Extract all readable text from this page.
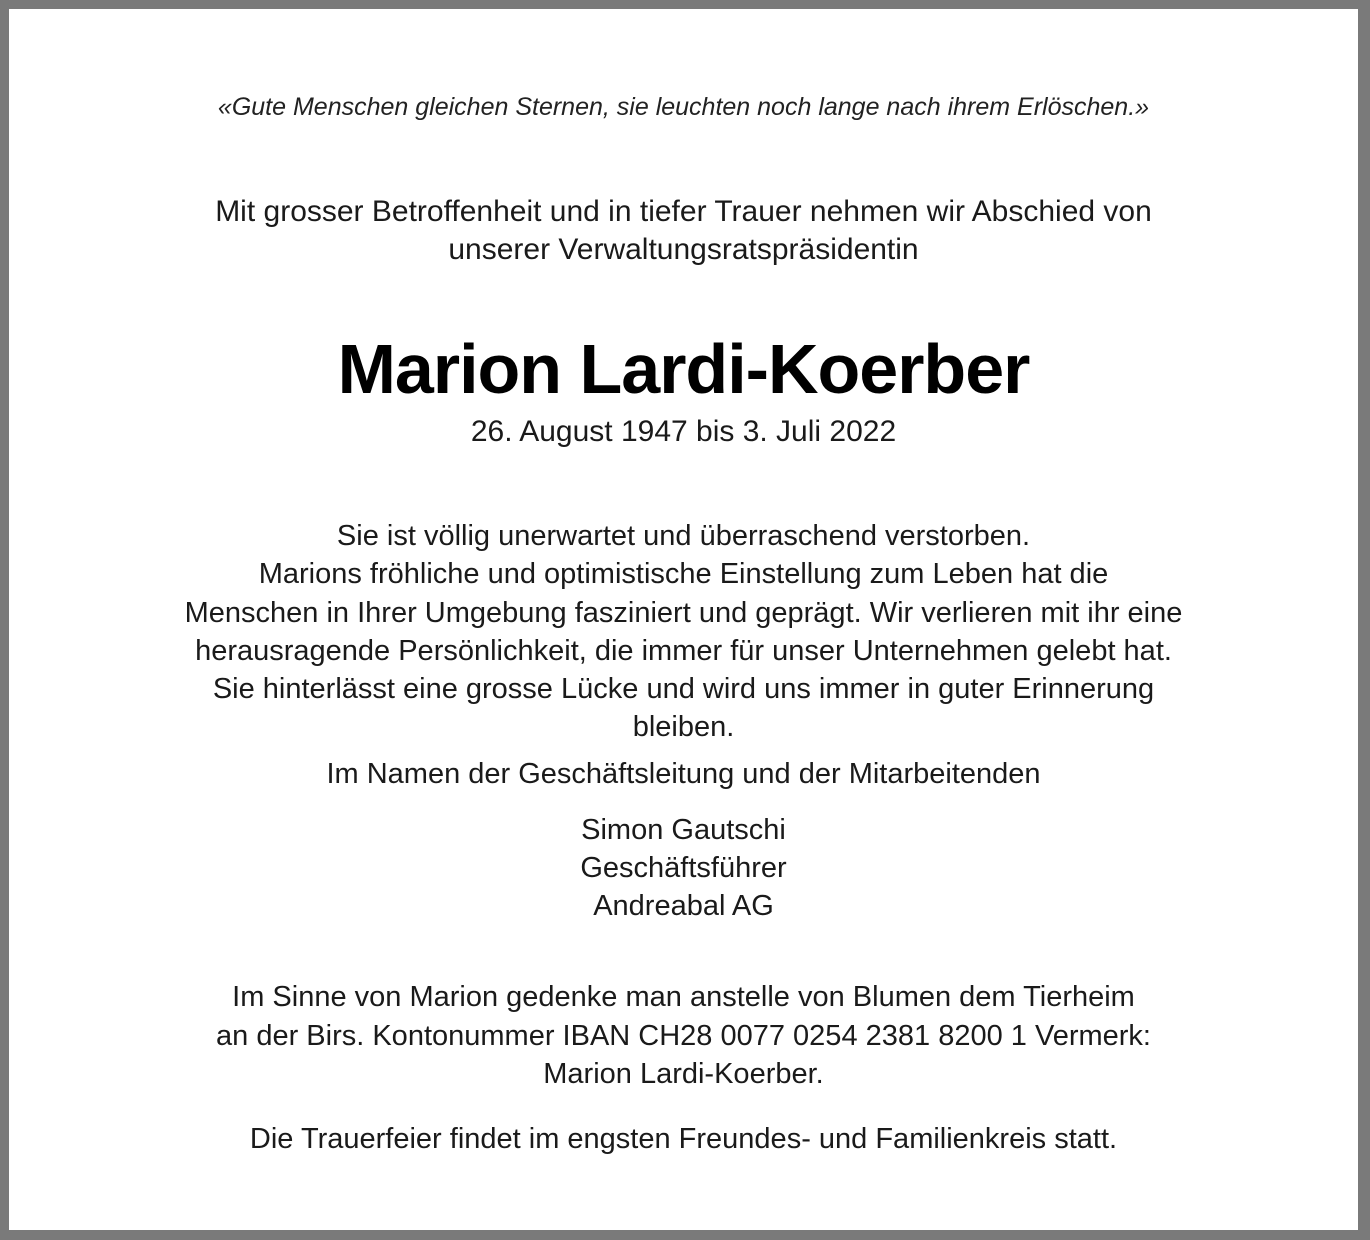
«Gute Menschen gleichen Sternen, sie leuchten noch lange nach ihrem Erlöschen.»

Mit grosser Betroffenheit und in tiefer Trauer nehmen wir Abschied von
unserer Verwaltungsratspräsidentin
Marion Lardi-Koerber

26. August 1947 bis 3. Juli 2022

Sie ist völlig unerwartet und überraschend verstorben.
Marions fröhliche und optimistische Einstellung zum Leben hat die
Menschen in Ihrer Umgebung fasziniert und geprägt. Wir verlieren mit ihr eine
herausragende Persönlichkeit, die immer für unser Unternehmen gelebt hat.
Sie hinterlässt eine grosse Lücke und wird uns immer in guter Erinnerung
bleiben.

Im Namen der Geschäftsleitung und der Mitarbeitenden

Simon Gautschi
Geschäftsführer
Andreabal AG
Im Sinne von Marion gedenke man anstelle von Blumen dem Tierheim
an der Birs. Kontonummer IBAN CH28 0077 0254 2381 8200 1 Vermerk:
Marion Lardi-Koerber.

Die Trauerfeier findet im engsten Freundes- und Familienkreis statt.
